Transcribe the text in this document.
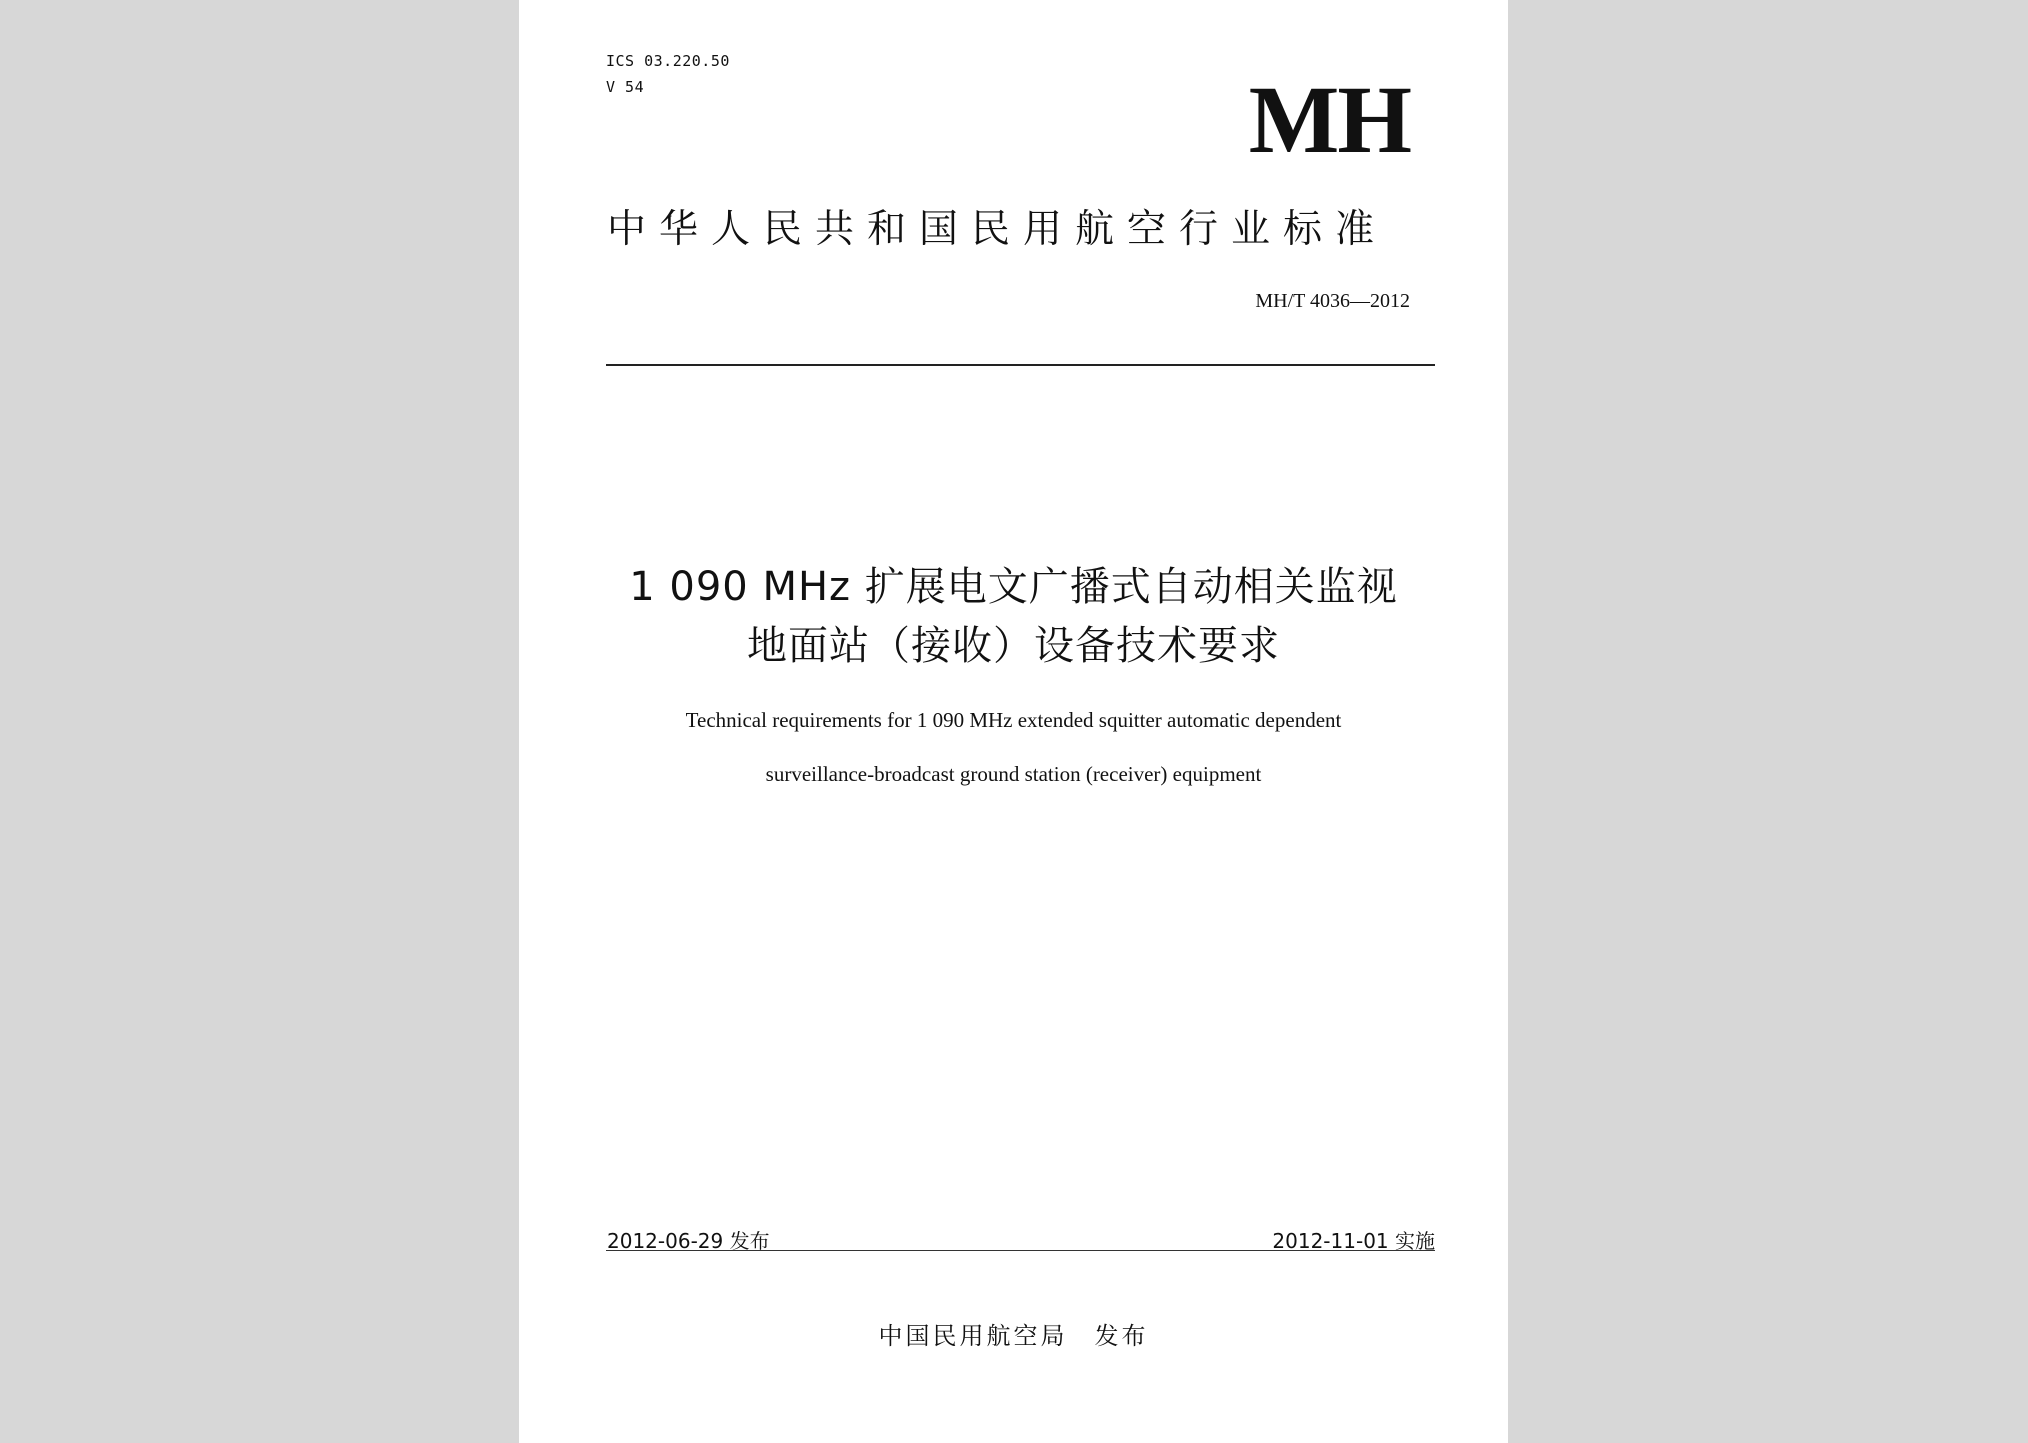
ICS 03.220.50
V 54	MH
中华人民共和国民用航空行业标准
MH/T 4036—2012
1 090 MHz 扩展电文广播式自动相关监视
地面站（接收）设备技术要求
Technical requirements for 1 090 MHz extended squitter automatic dependent
surveillance-broadcast ground station (receiver) equipment
2012-06-29 发布	2012-11-01 实施
中国民用航空局　发布
